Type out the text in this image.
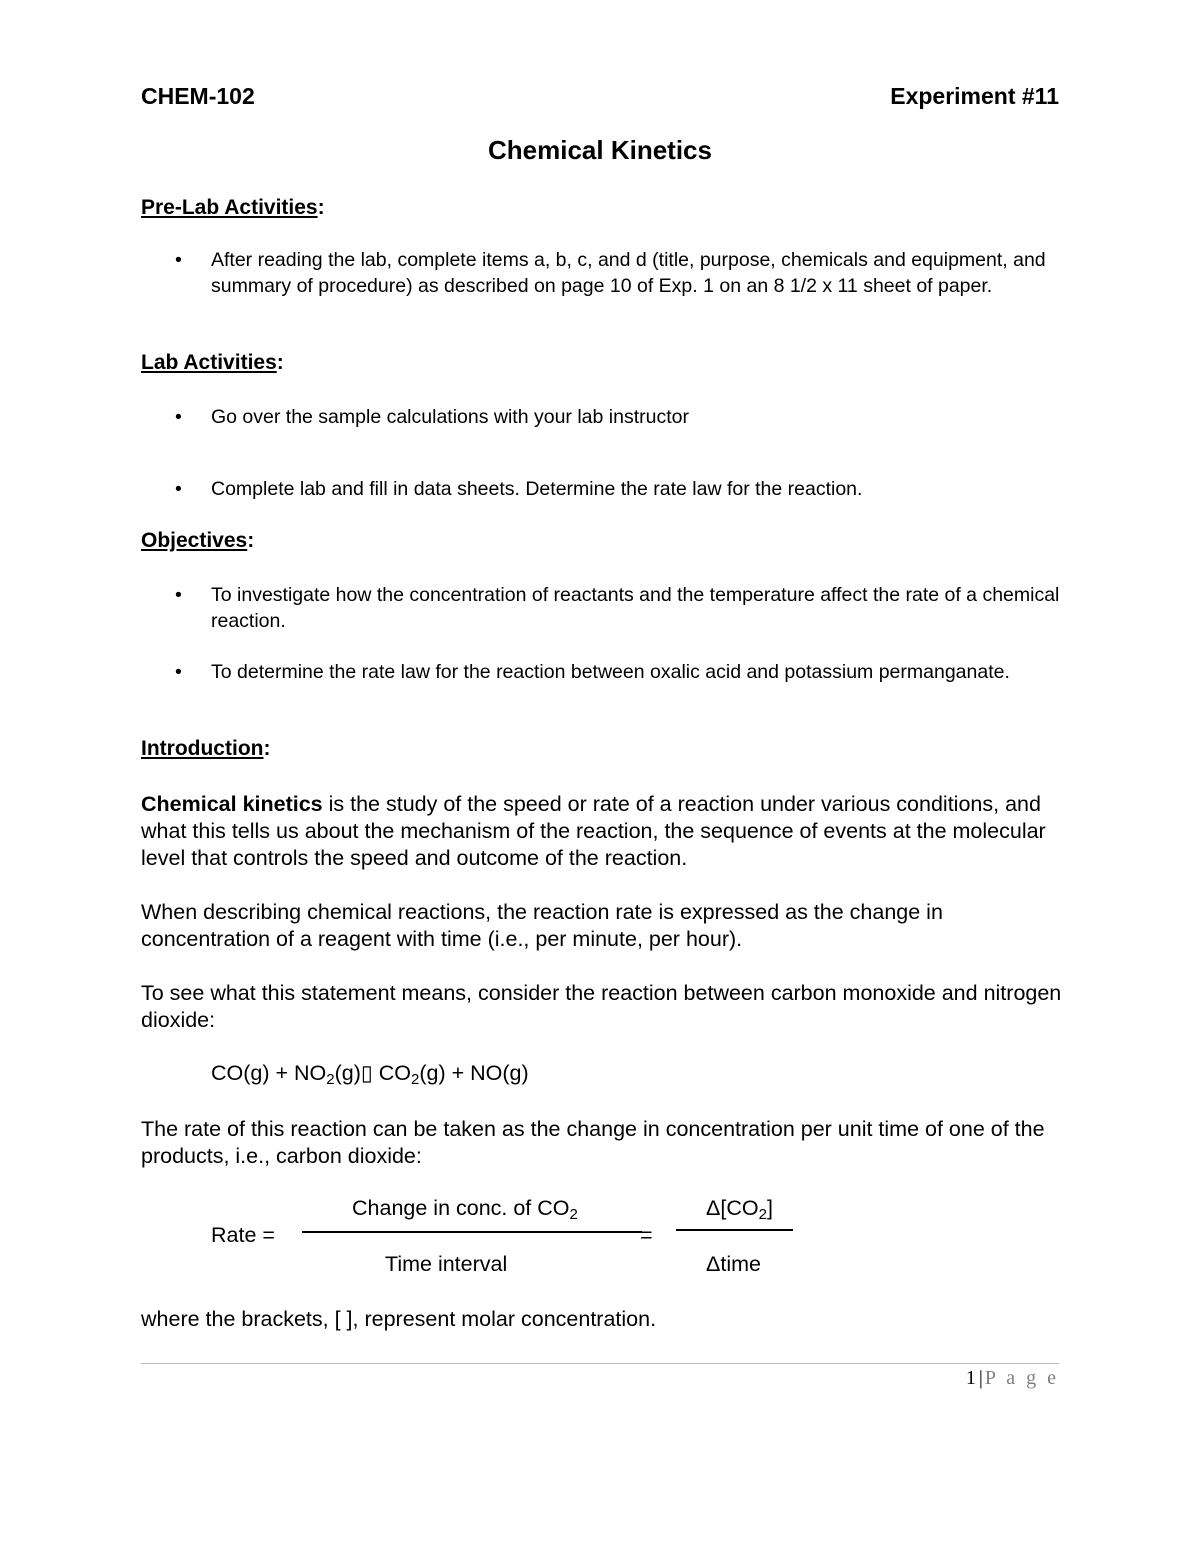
CHEM-102	Experiment #11
Chemical Kinetics
Pre-Lab Activities:
• After reading the lab, complete items a, b, c, and d (title, purpose, chemicals and equipment, and summary of procedure) as described on page 10 of Exp. 1 on an 8 1/2 x 11 sheet of paper.
Lab Activities:
• Go over the sample calculations with your lab instructor
• Complete lab and fill in data sheets. Determine the rate law for the reaction.
Objectives:
• To investigate how the concentration of reactants and the temperature affect the rate of a chemical reaction.
• To determine the rate law for the reaction between oxalic acid and potassium permanganate.
Introduction:
Chemical kinetics is the study of the speed or rate of a reaction under various conditions, and what this tells us about the mechanism of the reaction, the sequence of events at the molecular level that controls the speed and outcome of the reaction.
When describing chemical reactions, the reaction rate is expressed as the change in concentration of a reagent with time (i.e., per minute, per hour).
To see what this statement means, consider the reaction between carbon monoxide and nitrogen dioxide:
$CO(g) + NO_2(g)▯$ $CO_2(g) + NO(g)$
The rate of this reaction can be taken as the change in concentration per unit time of one of the products, i.e., carbon dioxide:
Rate =
Change in conc. of $CO_2$
Time interval
=
$\Delta[CO_2]$
Δtime
where the brackets, [ ], represent molar concentration.
1 | P a g e
